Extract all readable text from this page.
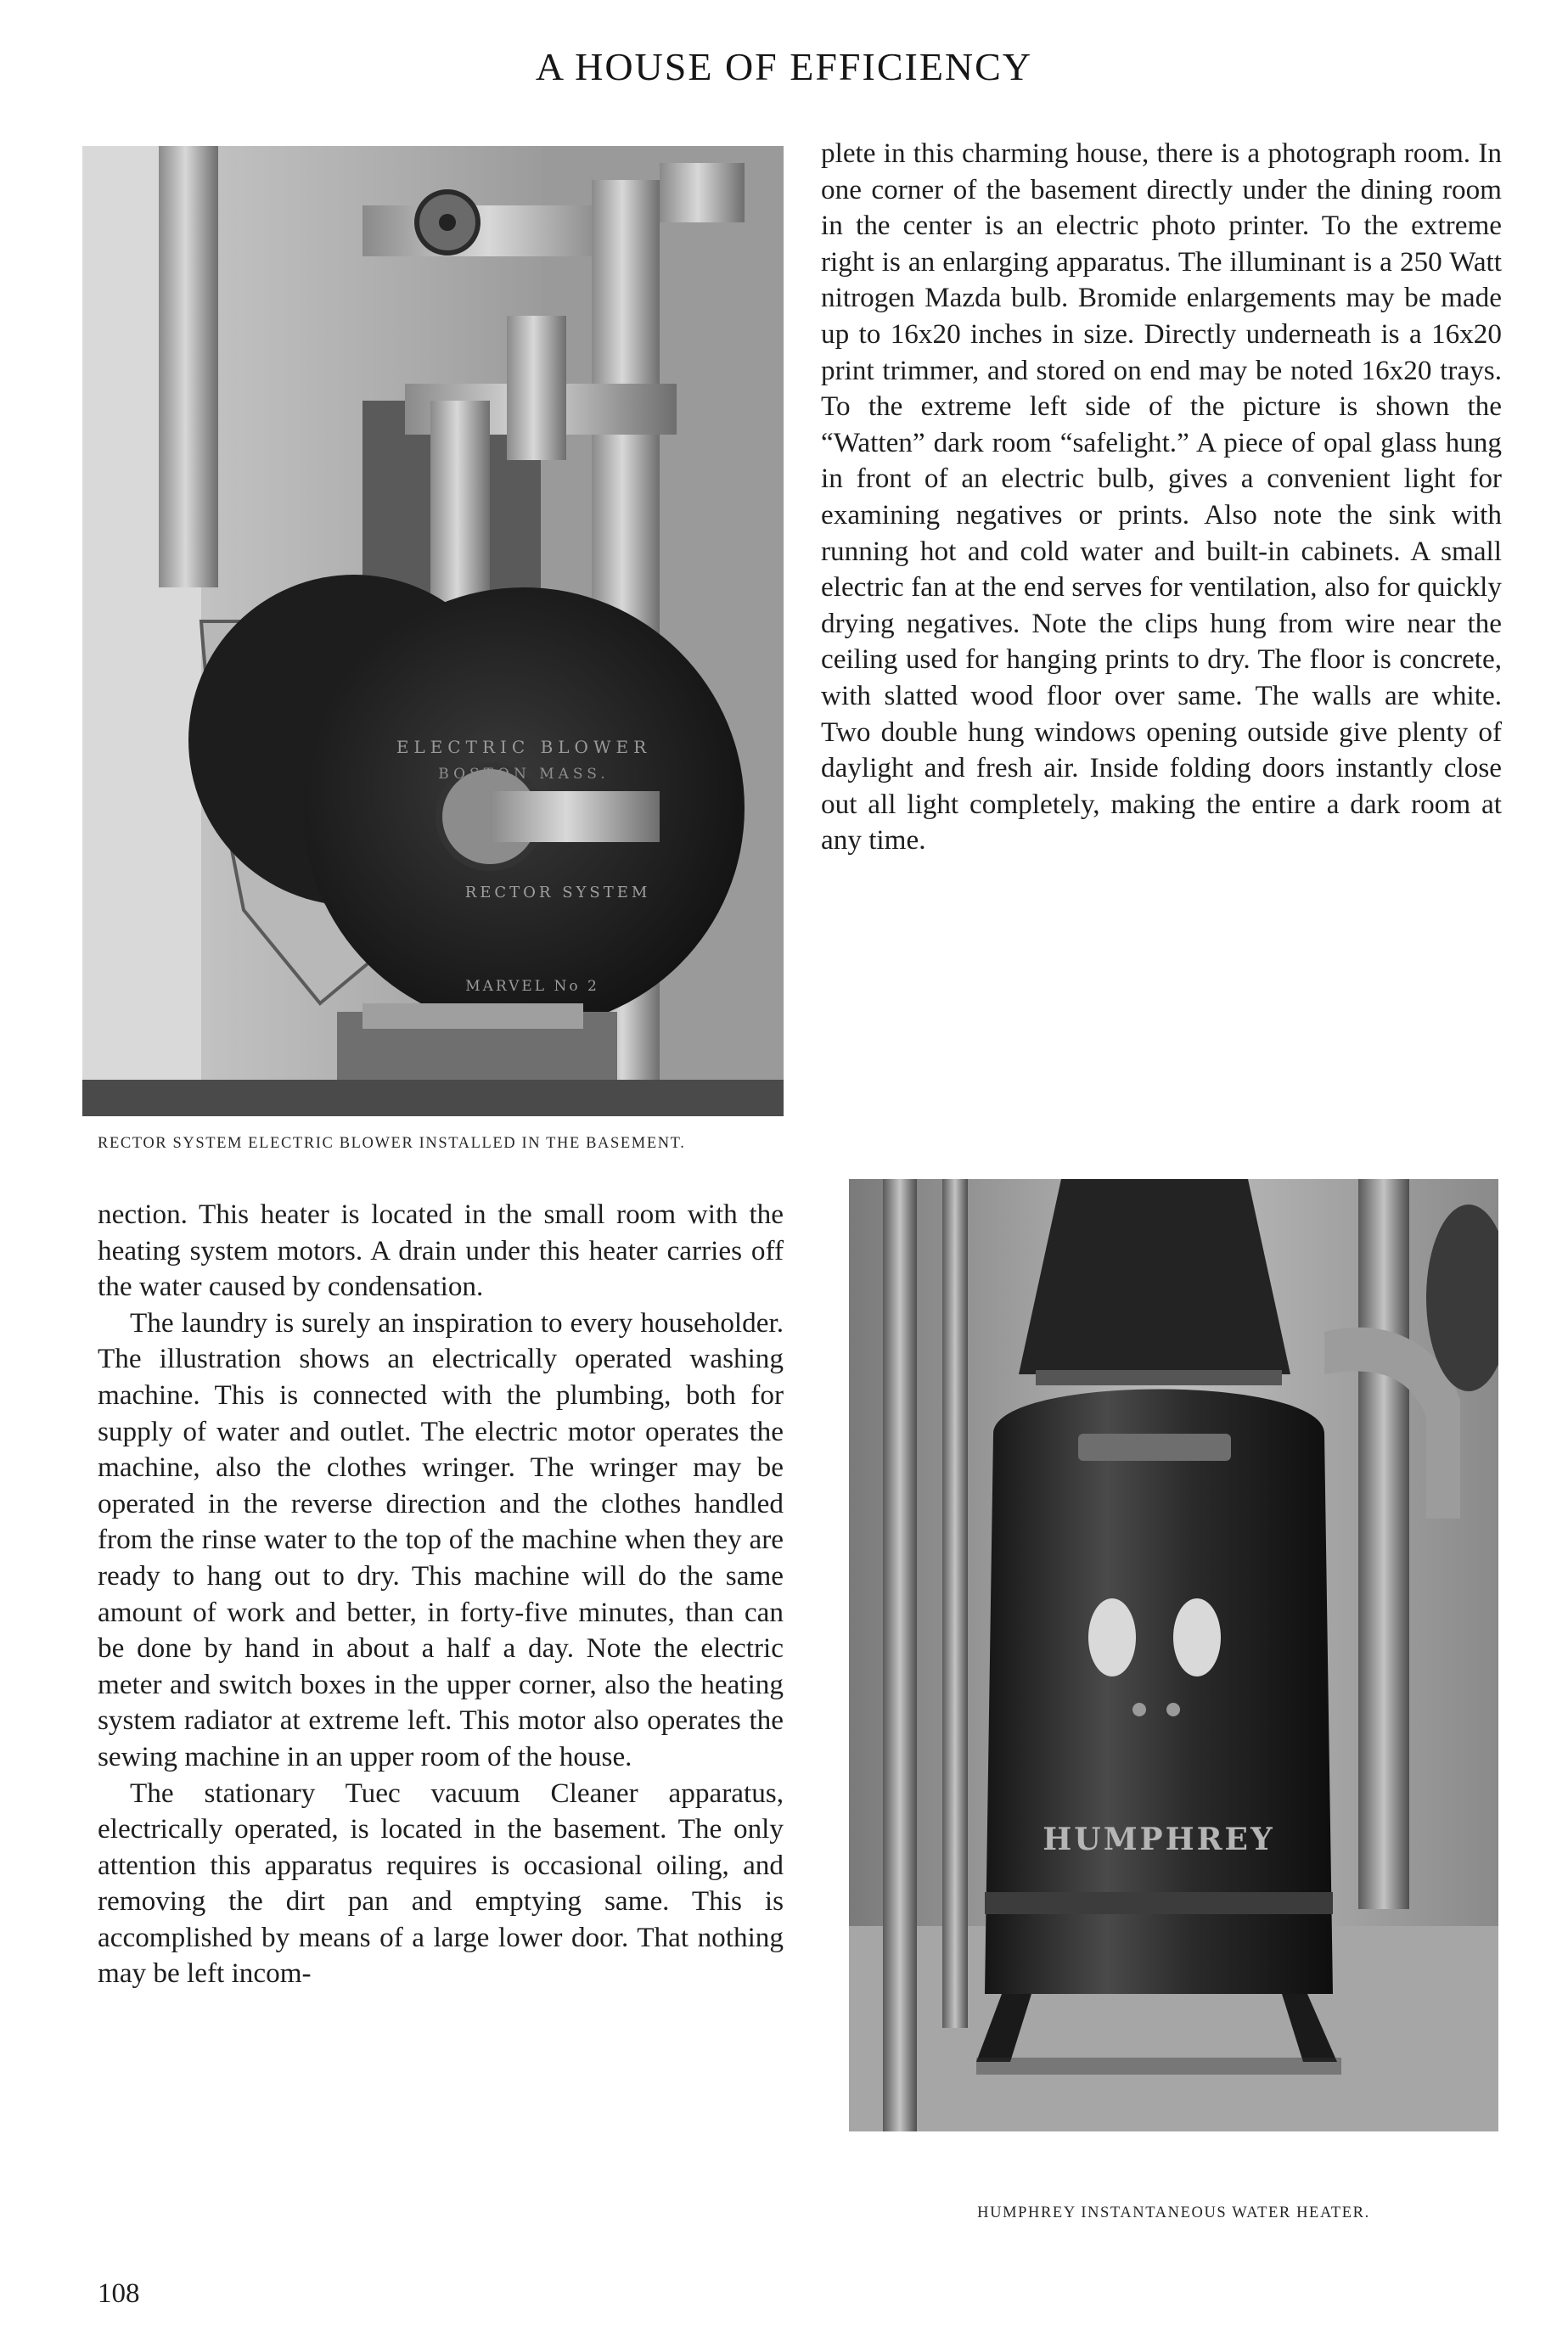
A HOUSE OF EFFICIENCY
ELECTRIC BLOWER
BOSTON MASS.
RECTOR SYSTEM
MARVEL No 2
RECTOR SYSTEM ELECTRIC BLOWER INSTALLED IN THE BASEMENT.

nection. This heater is located in the small room with the heating system motors. A drain under this heater carries off the water caused by condensation.

The laundry is surely an inspiration to every householder. The illustration shows an electrically operated washing machine. This is connected with the plumbing, both for supply of water and outlet. The electric motor operates the machine, also the clothes wringer. The wringer may be operated in the reverse direction and the clothes handled from the rinse water to the top of the machine when they are ready to hang out to dry. This machine will do the same amount of work and better, in forty-five minutes, than can be done by hand in about a half a day. Note the electric meter and switch boxes in the upper corner, also the heating system radiator at extreme left. This motor also operates the sewing machine in an upper room of the house.

The stationary Tuec vacuum Cleaner apparatus, electrically operated, is located in the basement. The only attention this apparatus requires is occasional oiling, and removing the dirt pan and emptying same. This is accomplished by means of a large lower door. That nothing may be left incom-

plete in this charming house, there is a photograph room. In one corner of the basement directly under the dining room in the center is an electric photo printer. To the extreme right is an enlarging apparatus. The illuminant is a 250 Watt nitrogen Mazda bulb. Bromide enlargements may be made up to 16x20 inches in size. Directly underneath is a 16x20 print trimmer, and stored on end may be noted 16x20 trays. To the extreme left side of the picture is shown the “Watten” dark room “safelight.” A piece of opal glass hung in front of an electric bulb, gives a convenient light for examining negatives or prints. Also note the sink with running hot and cold water and built-in cabinets. A small electric fan at the end serves for ventilation, also for quickly drying negatives. Note the clips hung from wire near the ceiling used for hanging prints to dry. The floor is concrete, with slatted wood floor over same. The walls are white. Two double hung windows opening outside give plenty of daylight and fresh air. Inside folding doors instantly close out all light completely, making the entire a dark room at any time.

HUMPHREY
HUMPHREY INSTANTANEOUS WATER HEATER.
108
